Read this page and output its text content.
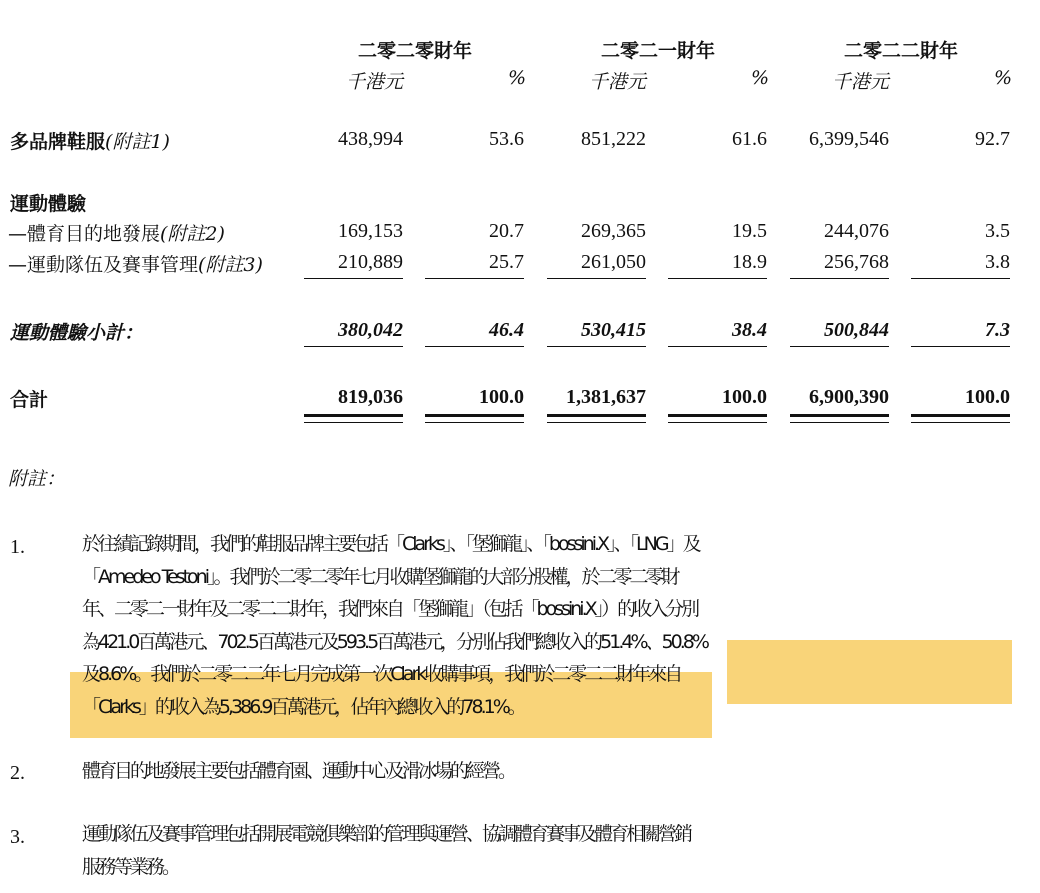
二零二零財年	二零二一財年	二零二二財年
千港元	%	千港元	%	千港元	%
多品牌鞋服(附註1)	438,994	53.6	851,222	61.6	6,399,546	92.7
運動體驗
—體育目的地發展(附註2)	169,153	20.7	269,365	19.5	244,076	3.5
—運動隊伍及賽事管理(附註3)	210,889	25.7	261,050	18.9	256,768	3.8
運動體驗小計：	380,042	46.4	530,415	38.4	500,844	7.3
合計	819,036	100.0	1,381,637	100.0	6,900,390	100.0
附註：
1.	於往績記錄期間，我們的鞋服品牌主要包括「Clarks」、「堡獅龍」、「bossini.X」、「LNG」及
「Amedeo Testoni」。我們於二零二零年七月收購堡獅龍的大部分股權，於二零二零財
年、二零二一財年及二零二二財年，我們來自「堡獅龍」（包括「bossini.X」）的收入分別
為421.0百萬港元、702.5百萬港元及593.5百萬港元，分別佔我們總收入的51.4%、50.8%
及8.6%。我們於二零二二年七月完成第一次Clark收購事項，我們於二零二二財年來自
「Clarks」的收入為5,386.9百萬港元，佔年內總收入的78.1%。
2.	體育目的地發展主要包括體育園、運動中心及滑冰場的經營。
3.	運動隊伍及賽事管理包括開展電競俱樂部的管理與運營、協調體育賽事及體育相關營銷
服務等業務。
